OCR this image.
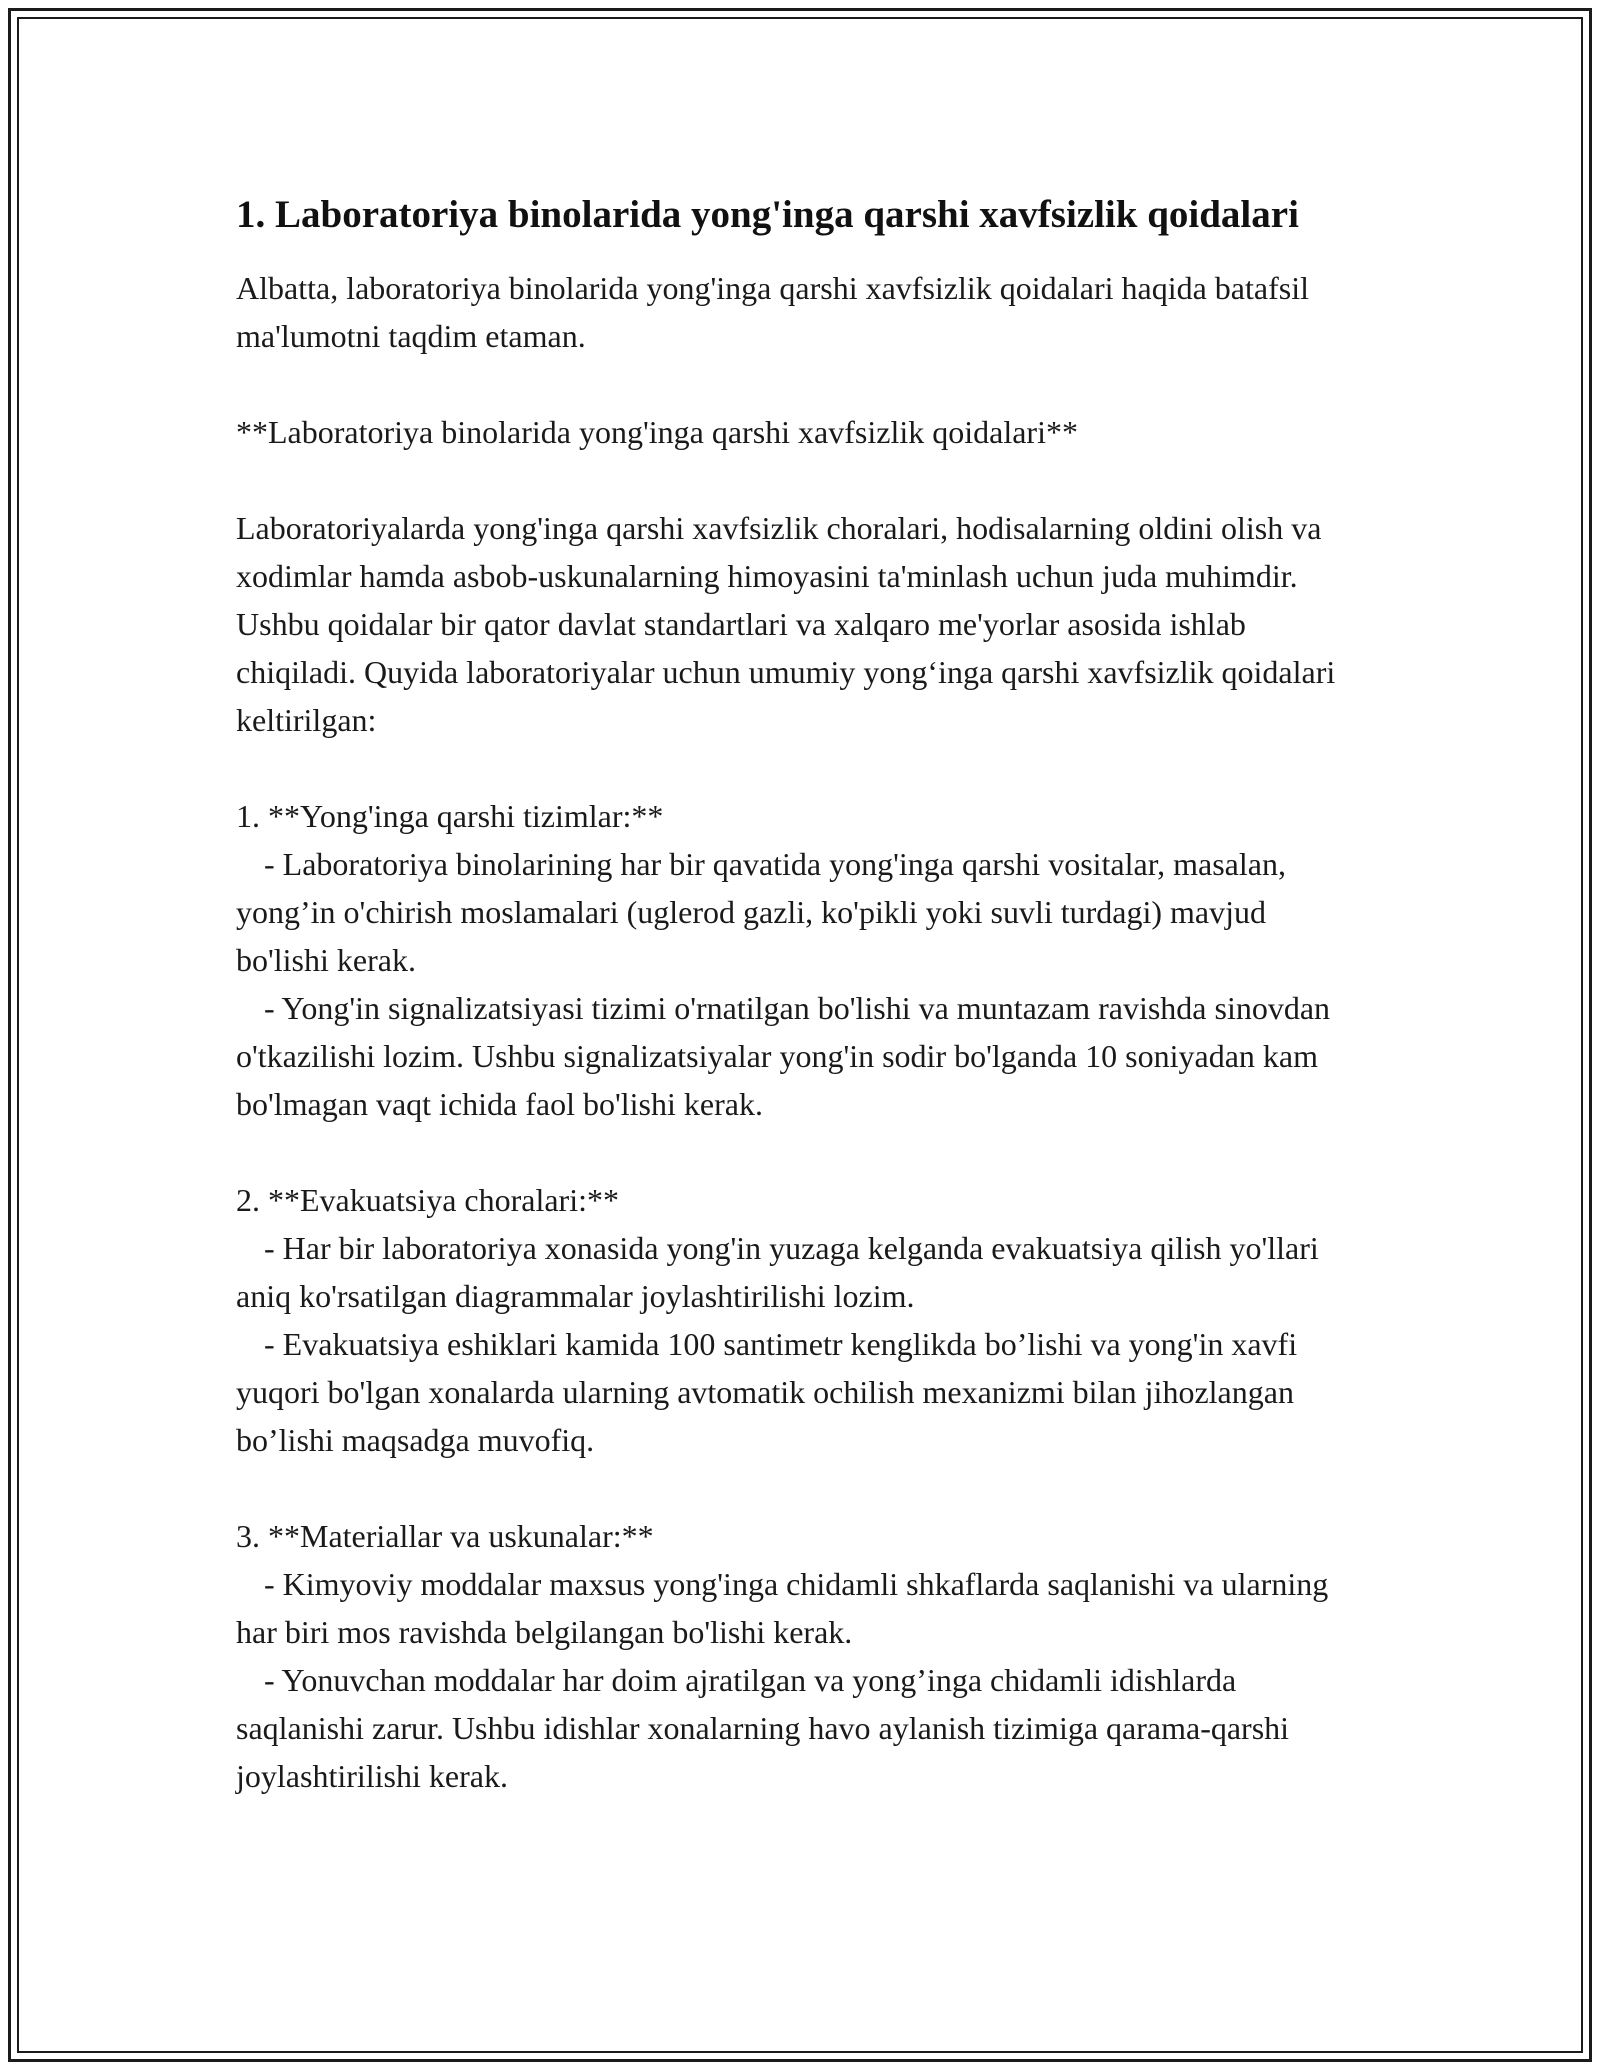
1. Laboratoriya binolarida yong'inga qarshi xavfsizlik qoidalari

Albatta, laboratoriya binolarida yong'inga qarshi xavfsizlik qoidalari haqida batafsil ma'lumotni taqdim etaman.

**Laboratoriya binolarida yong'inga qarshi xavfsizlik qoidalari**

Laboratoriyalarda yong'inga qarshi xavfsizlik choralari, hodisalarning oldini olish va xodimlar hamda asbob-uskunalarning himoyasini ta'minlash uchun juda muhimdir. Ushbu qoidalar bir qator davlat standartlari va xalqaro me'yorlar asosida ishlab chiqiladi. Quyida laboratoriyalar uchun umumiy yong‘inga qarshi xavfsizlik qoidalari keltirilgan:

1. **Yong'inga qarshi tizimlar:**

- Laboratoriya binolarining har bir qavatida yong'inga qarshi vositalar, masalan, yong’in o'chirish moslamalari (uglerod gazli, ko'pikli yoki suvli turdagi) mavjud bo'lishi kerak.

- Yong'in signalizatsiyasi tizimi o'rnatilgan bo'lishi va muntazam ravishda sinovdan o'tkazilishi lozim. Ushbu signalizatsiyalar yong'in sodir bo'lganda 10 soniyadan kam bo'lmagan vaqt ichida faol bo'lishi kerak.

2. **Evakuatsiya choralari:**

- Har bir laboratoriya xonasida yong'in yuzaga kelganda evakuatsiya qilish yo'llari aniq ko'rsatilgan diagrammalar joylashtirilishi lozim.

- Evakuatsiya eshiklari kamida 100 santimetr kenglikda bo’lishi va yong'in xavfi yuqori bo'lgan xonalarda ularning avtomatik ochilish mexanizmi bilan jihozlangan bo’lishi maqsadga muvofiq.

3. **Materiallar va uskunalar:**

- Kimyoviy moddalar maxsus yong'inga chidamli shkaflarda saqlanishi va ularning har biri mos ravishda belgilangan bo'lishi kerak.

- Yonuvchan moddalar har doim ajratilgan va yong’inga chidamli idishlarda saqlanishi zarur. Ushbu idishlar xonalarning havo aylanish tizimiga qarama-qarshi joylashtirilishi kerak.
